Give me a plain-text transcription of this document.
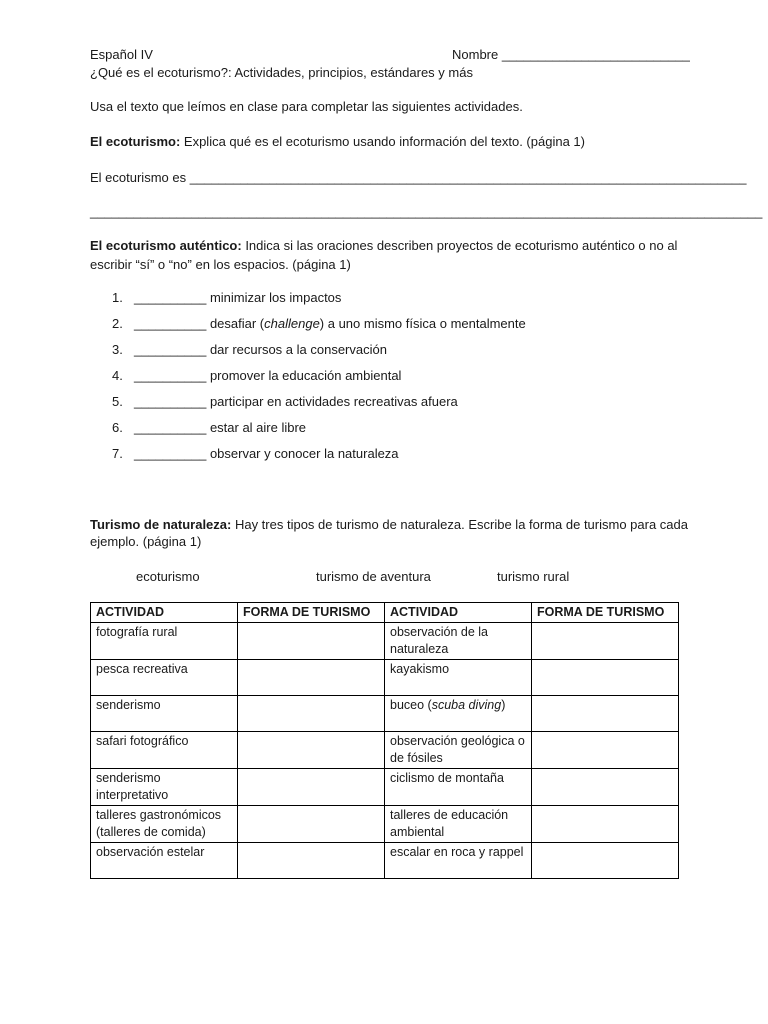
Español IV	Nombre __________________________
¿Qué es el ecoturismo?: Actividades, principios, estándares y más
Usa el texto que leímos en clase para completar las siguientes actividades.
El ecoturismo: Explica qué es el ecoturismo usando información del texto. (página 1)
El ecoturismo es _____________________________________________________________________________
_____________________________________________________________________________________________
El ecoturismo auténtico: Indica si las oraciones describen proyectos de ecoturismo auténtico o no al
escribir “sí” o “no” en los espacios. (página 1)
1. __________ minimizar los impactos
2. __________ desafiar (challenge) a uno mismo física o mentalmente
3. __________ dar recursos a la conservación
4. __________ promover la educación ambiental
5. __________ participar en actividades recreativas afuera
6. __________ estar al aire libre
7. __________ observar y conocer la naturaleza
Turismo de naturaleza: Hay tres tipos de turismo de naturaleza. Escribe la forma de turismo para cada
ejemplo. (página 1)
ecoturismo	turismo de aventura	turismo rural
ACTIVIDAD	FORMA DE TURISMO	ACTIVIDAD	FORMA DE TURISMO
fotografía rural		observación de la naturaleza	
pesca recreativa		kayakismo	
senderismo		buceo (scuba diving)	
safari fotográfico		observación geológica o de fósiles	
senderismo interpretativo		ciclismo de montaña	
talleres gastronómicos (talleres de comida)		talleres de educación ambiental	
observación estelar		escalar en roca y rappel	
